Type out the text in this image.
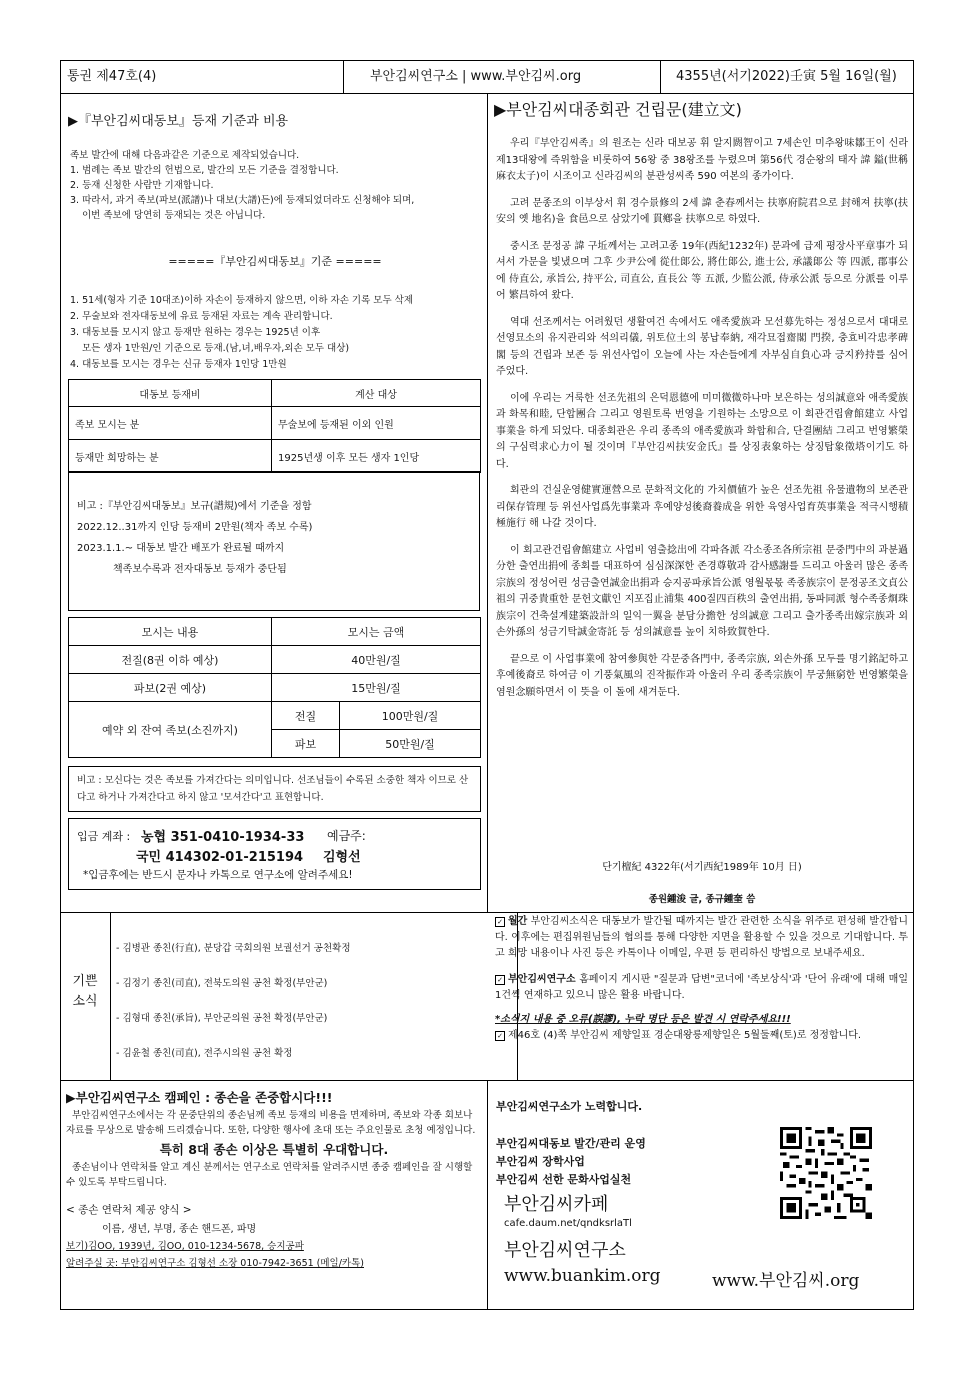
통권 제47호(4)	부안김씨연구소 | www.부안김씨.org	4355년(서기2022)壬寅 5월 16일(월)
▶『부안김씨대동보』등재 기준과 비용

족보 발간에 대해 다음과같은 기준으로 제작되었습니다.

1. 범례는 족보 발간의 헌법으로, 발간의 모든 기준을 결정합니다.

2. 등재 신청한 사람만 기재합니다.

3. 따라서, 과거 족보(파보(派譜)나 대보(大譜)든)에 등재되었더라도 신청해야 되며,

이번 족보에 당연히 등재되는 것은 아닙니다.

=====『부안김씨대동보』기준 =====

1. 51세(형자 기준 10대조)이하 자손이 등재하지 않으면, 이하 자손 기록 모두 삭제

2. 무술보와 전자대동보에 유료 등재된 자료는 계속 관리합니다.

3. 대동보를 모시지 않고 등재만 원하는 경우는 1925년 이후

모든 생자 1만원/인 기준으로 등재.(남,녀,배우자,외손 모두 대상)

4. 대동보를 모시는 경우는 신규 등재자 1인당 1만원

대동보 등재비	계산 대상
족보 모시는 분	무술보에 등재된 이외 인원
등재만 희망하는 분	1925년생 이후 모든 생자 1인당

비고 :『부안김씨대동보』보규(譜規)에서 기준을 정함

2022.12..31까지 인당 등재비 2만원(책자 족보 수록)

2023.1.1.~ 대동보 발간 배포가 완료될 때까지

책족보수록과 전자대동보 등재가 중단됨

모시는 내용	모시는 금액	
전질(8권 이하 예상)	40만원/질	
파보(2권 예상)	15만원/질	
예약 외 잔여 족보(소진까지)	전질	100만원/질
	파보	50만원/질

비고 : 모신다는 것은 족보를 가져간다는 의미입니다. 선조님들이 수록된 소중한 책자 이므로 산다고 하거나 가져간다고 하지 않고 '모셔간다'고 표현합니다.

입금 계좌 : 농협 351-0410-1934-33 예금주:
국민 414302-01-215194 김형선
*입금후에는 반드시 문자나 카톡으로 연구소에 알려주세요!
▶부안김씨대종회관 건립문(建立文)

우리『부안김씨족』의 원조는 신라 대보공 휘 알지閼智이고 7세손인 미추왕味鄒王이 신라 제13대왕에 즉위함을 비롯하여 56왕 중 38왕조를 누렸으며 第56代 경순왕의 태자 諱 鎰(世稱 麻衣太子)이 시조이고 신라김씨의 분관성씨족 590 여본의 종가이다.

고려 문종조의 이부상서 휘 경수景修의 2세 諱 춘春께서는 扶寧府院君으로 封해져 扶寧(扶安의 옛 地名)을 食邑으로 삼았기에 貫鄕을 扶寧으로 하였다.

중시조 문정공 諱 구坵께서는 고려고종 19年(西紀1232年) 문과에 급제 평장사平章事가 되셔서 가문을 빛냈으며 그후 少尹公에 從仕郞公, 將仕郞公, 進士公, 承議郞公 等 四派, 郡事公에 侍直公, 承旨公, 持平公, 司直公, 直長公 等 五派, 少監公派, 侍承公派 등으로 分派를 이루어 繁昌하여 왔다.

역대 선조께서는 어려웠던 생활여건 속에서도 애족愛族과 모선募先하는 정성으로서 대대로 선영묘소의 유지관리와 석의리儀, 위토位土의 봉납奉納, 재각묘접齋閣 門揆, 충효비각忠孝碑閣 등의 건립과 보존 등 위선사업이 오늘에 사는 자손들에게 자부심自負心과 긍지矜持를 심어 주었다.

이에 우리는 거룩한 선조先祖의 은덕恩德에 미미微微하나마 보은하는 성의誠意와 애족愛族과 화목和睦, 단합團合 그리고 영원토록 번영을 기원하는 소망으로 이 회관건립會館建立 사업事業을 하게 되었다. 대종회관은 우리 종족의 애족愛族과 화합和合, 단결團結 그리고 번영繁榮의 구심력求心力이 될 것이며『부안김씨扶安金氏』를 상징表象하는 상징탑象徵塔이기도 하다.

회관의 건실운영健實運營으로 문화적文化的 가치價値가 높은 선조先祖 유물遺物의 보존관리保存管理 등 위선사업爲先事業과 후예양성後裔養成을 위한 육영사업育英事業을 적극시행積極施行 해 나갈 것이다.

이 회고관건립會館建立 사업비 염출捻出에 각파各派 각소종조各所宗祖 문중門中의 과분過分한 출연出捐에 종회를 대표하여 심심深深한 존경尊敬과 감사感謝를 드리고 아울러 많은 종족宗族의 정성어린 성금출연誠金出捐과 승지공파承旨公派 영월몫몫 족종族宗이 문정공조文貞公祖의 귀중貴重한 문헌文獻인 지포집止浦集 400질四百秩의 출연出捐, 동파同派 형수족종烱珠族宗이 건축설계建築設計의 일익一翼을 분담分擔한 성의誠意 그리고 출가종족出嫁宗族과 외손外孫의 성금기탁誠金寄託 등 성의誠意를 높이 치하致賀한다.

끝으로 이 사업事業에 참여參與한 각문중各門中, 종족宗族, 외손外孫 모두를 명기銘記하고 후예後裔로 하여금 이 기풍氣風의 진작振作과 아울러 우리 종족宗族이 무궁無窮한 번영繁榮을 염원念願하면서 이 뜻을 이 돌에 새겨둔다.

단기檀紀 4322年(서기西紀1989年 10月 日)
종원鍾浚 글, 종규鍾奎 씀
기쁜
소식
- 김병관 종친(行直), 분당갑 국회의원 보궐선거 공천확정
- 김정기 종친(司直), 전북도의원 공천 확정(부안군)
- 김형대 종친(承旨), 부안군의원 공천 확정(부안군)
- 김윤철 종친(司直), 전주시의원 공천 확정
✓ 월간 부안김씨소식은 대동보가 발간될 때까지는 발간 관련한 소식을 위주로 편성해 발간합니다. 이후에는 편집위원님들의 협의를 통해 다양한 지면을 활용할 수 있을 것으로 기대합니다. 투고 희망 내용이나 사진 등은 카톡이나 이메일, 우편 등 편리하신 방법으로 보내주세요.
✓ 부안김씨연구소 홈페이지 게시판 "질문과 답변"코너에 '족보상식'과 '단어 유래'에 대해 매일 1건씩 연재하고 있으니 많은 활용 바랍니다.
*소식지 내용 중 오류(誤謬), 누락 명단 등은 발견 시 연락주세요!!!
✓ 제46호 (4)쪽 부안김씨 제향일표 경순대왕릉제향일은 5월둘째(토)로 정정합니다.
▶부안김씨연구소 캠페인 : 종손을 존중합시다!!!

부안김씨연구소에서는 각 문중단위의 종손님께 족보 등재의 비용을 면제하며, 족보와 각종 회보나 자료를 무상으로 발송해 드리겠습니다. 또한, 다양한 행사에 초대 또는 주요인물로 초청 예정입니다.

특히 8대 종손 이상은 특별히 우대합니다.

종손님이나 연락처를 알고 계신 분께서는 연구소로 연락처를 알려주시면 종중 캠페인을 잘 시행할 수 있도록 부탁드립니다.

< 종손 연락처 제공 양식 >
이름, 생년, 부명, 종손 핸드폰, 파명
보기)김OO, 1939년, 김OO, 010-1234-5678, 승지공파
알려주실 곳: 부안김씨연구소 김형선 소장 010-7942-3651 (메일/카톡)
부안김씨연구소가 노력합니다.
부안김씨대동보 발간/관리 운영
부안김씨 장학사업
부안김씨 선한 문화사업실천
부안김씨카페
cafe.daum.net/qndksrlaTl
부안김씨연구소
www.buankim.org	www.부안김씨.org
